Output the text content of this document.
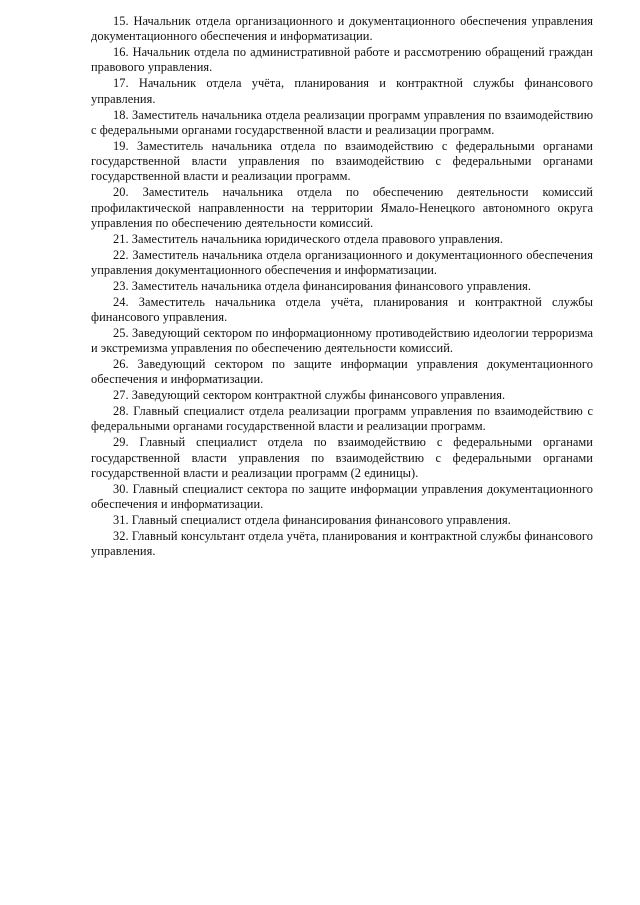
15. Начальник отдела организационного и документационного обеспечения управления документационного обеспечения и информатизации.

16. Начальник отдела по административной работе и рассмотрению обращений граждан правового управления.

17. Начальник отдела учёта, планирования и контрактной службы финансового управления.

18. Заместитель начальника отдела реализации программ управления по взаимодействию с федеральными органами государственной власти и реализации программ.

19. Заместитель начальника отдела по взаимодействию с федеральными органами государственной власти управления по взаимодействию с федеральными органами государственной власти и реализации программ.

20. Заместитель начальника отдела по обеспечению деятельности комиссий профилактической направленности на территории Ямало-Ненецкого автономного округа управления по обеспечению деятельности комиссий.

21. Заместитель начальника юридического отдела правового управления.

22. Заместитель начальника отдела организационного и документационного обеспечения управления документационного обеспечения и информатизации.

23. Заместитель начальника отдела финансирования финансового управления.

24. Заместитель начальника отдела учёта, планирования и контрактной службы финансового управления.

25. Заведующий сектором по информационному противодействию идеологии терроризма и экстремизма управления по обеспечению деятельности комиссий.

26. Заведующий сектором по защите информации управления документационного обеспечения и информатизации.

27. Заведующий сектором контрактной службы финансового управления.

28. Главный специалист отдела реализации программ управления по взаимодействию с федеральными органами государственной власти и реализации программ.

29. Главный специалист отдела по взаимодействию с федеральными органами государственной власти управления по взаимодействию с федеральными органами государственной власти и реализации программ (2 единицы).

30. Главный специалист сектора по защите информации управления документационного обеспечения и информатизации.

31. Главный специалист отдела финансирования финансового управления.

32. Главный консультант отдела учёта, планирования и контрактной службы финансового управления.
